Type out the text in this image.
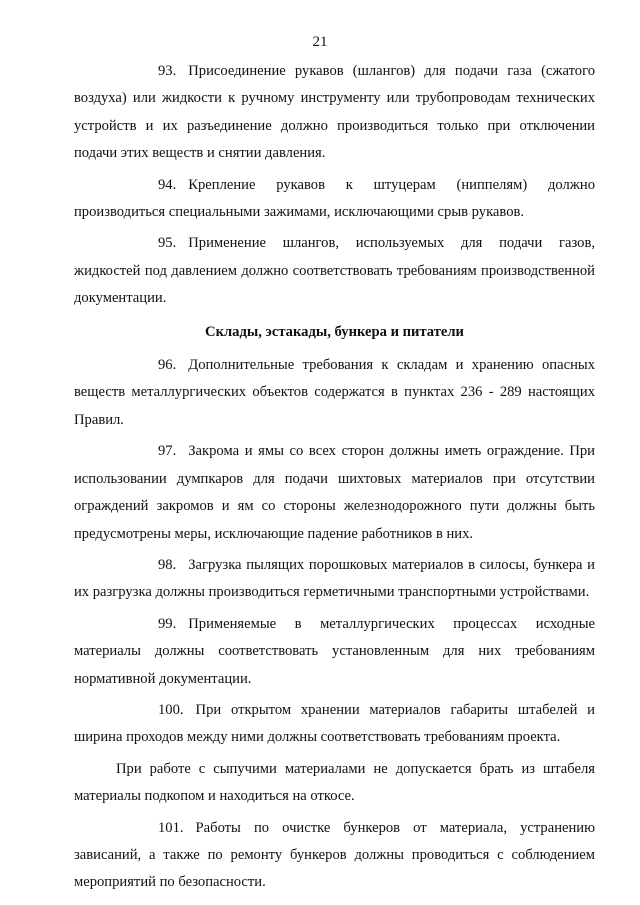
21

93. Присоединение рукавов (шлангов) для подачи газа (сжатого воздуха) или жидкости к ручному инструменту или трубопроводам технических устройств и их разъединение должно производиться только при отключении подачи этих веществ и снятии давления.

94. Крепление рукавов к штуцерам (ниппелям) должно производиться специальными зажимами, исключающими срыв рукавов.

95. Применение шлангов, используемых для подачи газов, жидкостей под давлением должно соответствовать требованиям производственной документации.

Склады, эстакады, бункера и питатели

96. Дополнительные требования к складам и хранению опасных веществ металлургических объектов содержатся в пунктах 236 - 289 настоящих Правил.

97. Закрома и ямы со всех сторон должны иметь ограждение. При использовании думпкаров для подачи шихтовых материалов при отсутствии ограждений закромов и ям со стороны железнодорожного пути должны быть предусмотрены меры, исключающие падение работников в них.

98. Загрузка пылящих порошковых материалов в силосы, бункера и их разгрузка должны производиться герметичными транспортными устройствами.

99. Применяемые в металлургических процессах исходные материалы должны соответствовать установленным для них требованиям нормативной документации.

100. При открытом хранении материалов габариты штабелей и ширина проходов между ними должны соответствовать требованиям проекта.

При работе с сыпучими материалами не допускается брать из штабеля материалы подкопом и находиться на откосе.

101. Работы по очистке бункеров от материала, устранению зависаний, а также по ремонту бункеров должны проводиться с соблюдением мероприятий по безопасности.
